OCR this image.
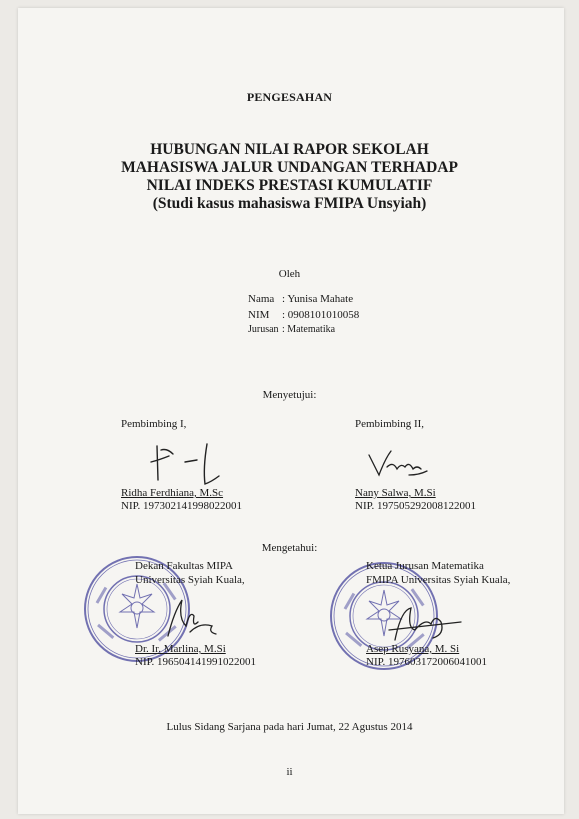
PENGESAHAN
HUBUNGAN NILAI RAPOR SEKOLAH
MAHASISWA JALUR UNDANGAN TERHADAP
NILAI INDEKS PRESTASI KUMULATIF
(Studi kasus mahasiswa FMIPA Unsyiah)
Oleh
Nama : Yunisa Mahate
NIM : 0908101010058
Jurusan : Matematika
Menyetujui:
Pembimbing I,	Pembimbing II,
Ridha Ferdhiana, M.Sc
NIP. 197302141998022001
Nany Salwa, M.Si
NIP. 197505292008122001
Mengetahui:
Dekan Fakultas MIPA
Universitas Syiah Kuala,
Ketua Jurusan Matematika
FMIPA Universitas Syiah Kuala,
Dr. Ir. Marlina, M.Si
NIP. 196504141991022001
Asep Rusyana, M. Si
NIP. 197603172006041001
Lulus Sidang Sarjana pada hari Jumat, 22 Agustus 2014
ii
